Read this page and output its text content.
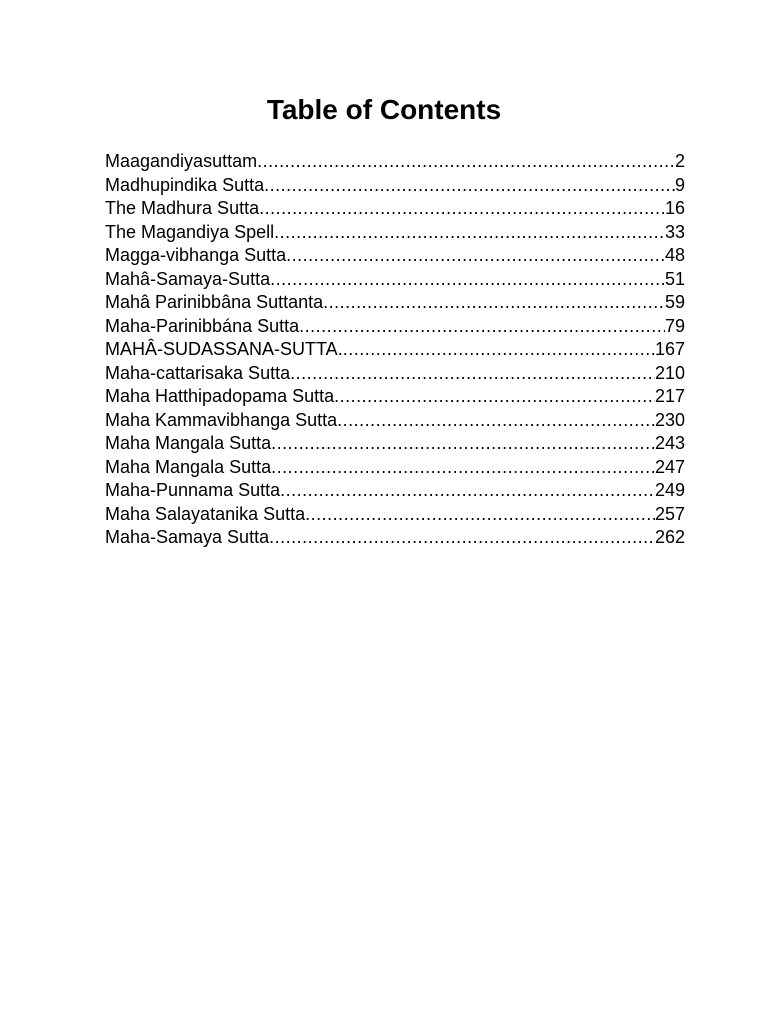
Table of Contents
Maagandiyasuttam .....	2
Madhupindika Sutta .....	9
The Madhura Sutta .....	16
The Magandiya Spell .....	33
Magga-vibhanga Sutta .....	48
Mahâ-Samaya-Sutta .....	51
Mahâ Parinibbâna Suttanta .....	59
Maha-Parinibbána Sutta .....	79
MAHÂ-SUDASSANA-SUTTA. .....	167
Maha-cattarisaka Sutta .....	210
Maha Hatthipadopama Sutta .....	217
Maha Kammavibhanga Sutta .....	230
Maha Mangala Sutta .....	243
Maha Mangala Sutta .....	247
Maha-Punnama Sutta .....	249
Maha Salayatanika Sutta .....	257
Maha-Samaya Sutta .....	262
